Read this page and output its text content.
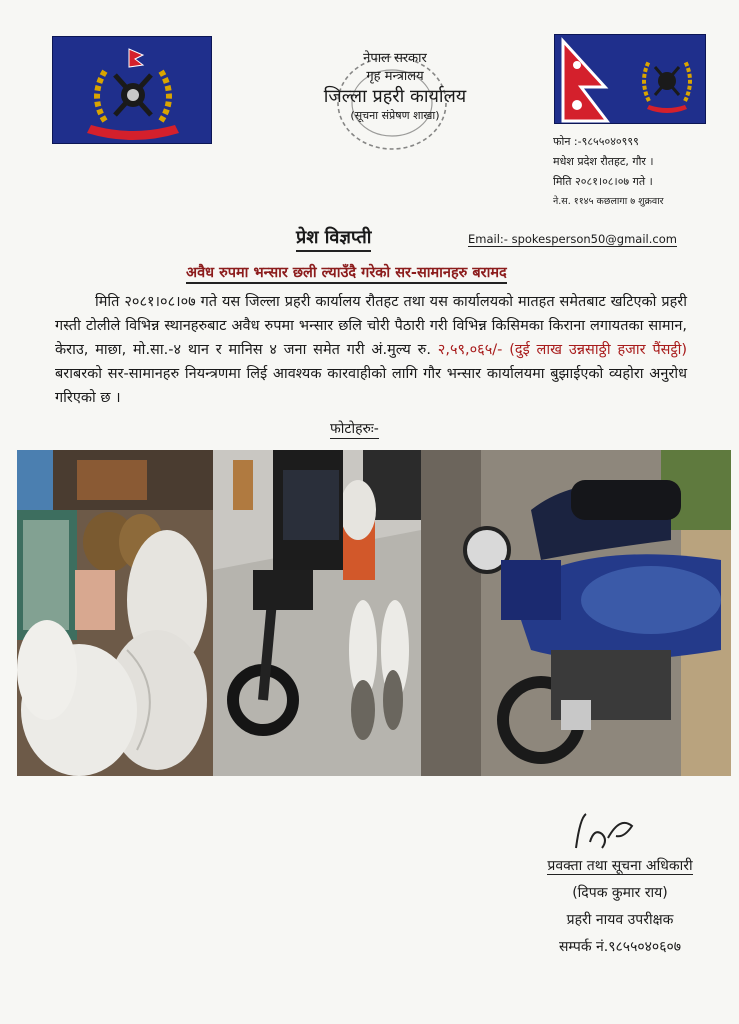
नेपाल सरकार
गृह मन्त्रालय
जिल्ला प्रहरी कार्यालय
(सूचना संप्रेषण शाखा)
फोन :-९८५५०४०९९९
मधेश प्रदेश रौतहट, गौर ।
मिति २०८१।०८।०७ गते ।
ने.स. ११४५ कछलागा ७ शुक्रवार
प्रेश विज्ञप्ती	Email:- spokesperson50@gmail.com
अवैध रुपमा भन्सार छली ल्याउँदै गरेको सर-सामानहरु बरामद
मिति २०८१।०८।०७ गते यस जिल्ला प्रहरी कार्यालय रौतहट तथा यस कार्यालयको मातहत समेतबाट खटिएको प्रहरी गस्ती टोलीले विभिन्न स्थानहरुबाट अवैध रुपमा भन्सार छलि चोरी पैठारी गरी विभिन्न किसिमका किराना लगायतका सामान, केराउ, माछा, मो.सा.-४ थान र मानिस ४ जना समेत गरी अं.मुल्य रु. २,५९,०६५/- (दुई लाख उन्नसाठ्ठी हजार पैंसट्ठी) बराबरको सर-सामानहरु नियन्त्रणमा लिई आवश्यक कारवाहीको लागि गौर भन्सार कार्यालयमा बुझाईएको व्यहोरा अनुरोध गरिएको छ ।
फोटोहरुः-
प्रवक्ता तथा सूचना अधिकारी
(दिपक कुमार राय)
प्रहरी नायव उपरीक्षक
सम्पर्क नं.९८५५०४०६०७
